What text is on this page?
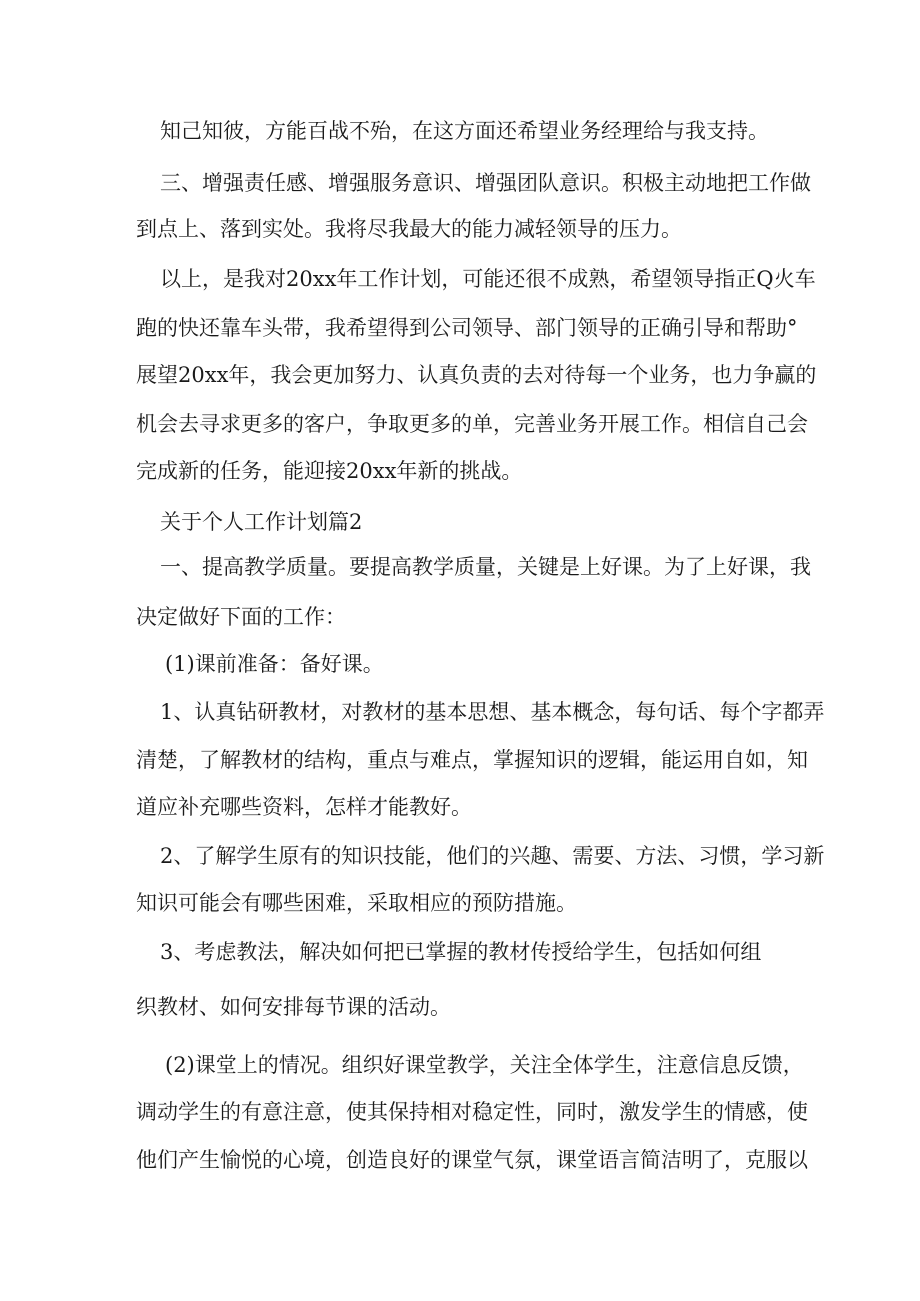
知己知彼，方能百战不殆，在这方面还希望业务经理给与我支持。

三、增强责任感、增强服务意识、增强团队意识。积极主动地把工作做

到点上、落到实处。我将尽我最大的能力减轻领导的压力。

以上，是我对20xx年工作计划，可能还很不成熟，希望领导指正Q火车

跑的快还靠车头带，我希望得到公司领导、部门领导的正确引导和帮助°

展望20xx年，我会更加努力、认真负责的去对待每一个业务，也力争赢的

机会去寻求更多的客户，争取更多的单，完善业务开展工作。相信自己会

完成新的任务，能迎接20xx年新的挑战。

关于个人工作计划篇2

一、提高教学质量。要提高教学质量，关键是上好课。为了上好课，我

决定做好下面的工作：

(1)课前准备：备好课。

1、认真钻研教材，对教材的基本思想、基本概念，每句话、每个字都弄

清楚，了解教材的结构，重点与难点，掌握知识的逻辑，能运用自如，知

道应补充哪些资料，怎样才能教好。

2、了解学生原有的知识技能，他们的兴趣、需要、方法、习惯，学习新

知识可能会有哪些困难，采取相应的预防措施。

3、考虑教法，解决如何把已掌握的教材传授给学生，包括如何组

织教材、如何安排每节课的活动。

(2)课堂上的情况。组织好课堂教学，关注全体学生，注意信息反馈，

调动学生的有意注意，使其保持相对稳定性，同时，激发学生的情感，使

他们产生愉悦的心境，创造良好的课堂气氛，课堂语言简洁明了，克服以
